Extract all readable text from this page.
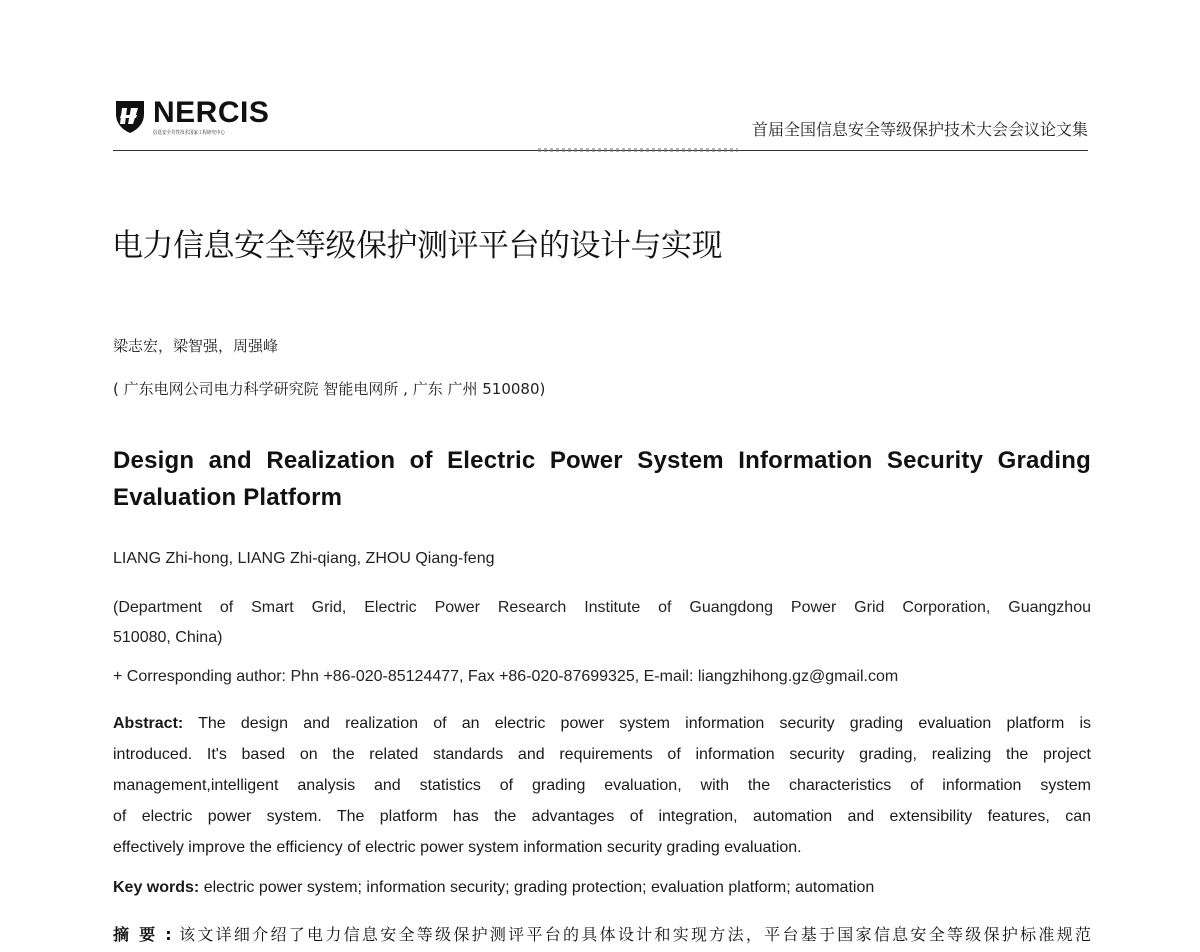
NERCIS
信息安全共性技术国家工程研究中心	首届全国信息安全等级保护技术大会会议论文集
电力信息安全等级保护测评平台的设计与实现
梁志宏，梁智强，周强峰
( 广东电网公司电力科学研究院 智能电网所 , 广东 广州 510080)
Design and Realization of Electric Power System Information Security Grading
Evaluation Platform
LIANG Zhi-hong, LIANG Zhi-qiang, ZHOU Qiang-feng
(Department of Smart Grid, Electric Power Research Institute of Guangdong Power Grid Corporation, Guangzhou
510080, China)
+ Corresponding author: Phn +86-020-85124477, Fax +86-020-87699325, E-mail: liangzhihong.gz@gmail.com
Abstract: The design and realization of an electric power system information security grading evaluation platform is
introduced. It's based on the related standards and requirements of information security grading, realizing the project
management,intelligent analysis and statistics of grading evaluation, with the characteristics of information system
of electric power system. The platform has the advantages of integration, automation and extensibility features, can
effectively improve the efficiency of electric power system information security grading evaluation.
Key words: electric power system; information security; grading protection; evaluation platform; automation
摘 要 : 该文详细介绍了电力信息安全等级保护测评平台的具体设计和实现方法，平台基于国家信息安全等级保护标准规范
